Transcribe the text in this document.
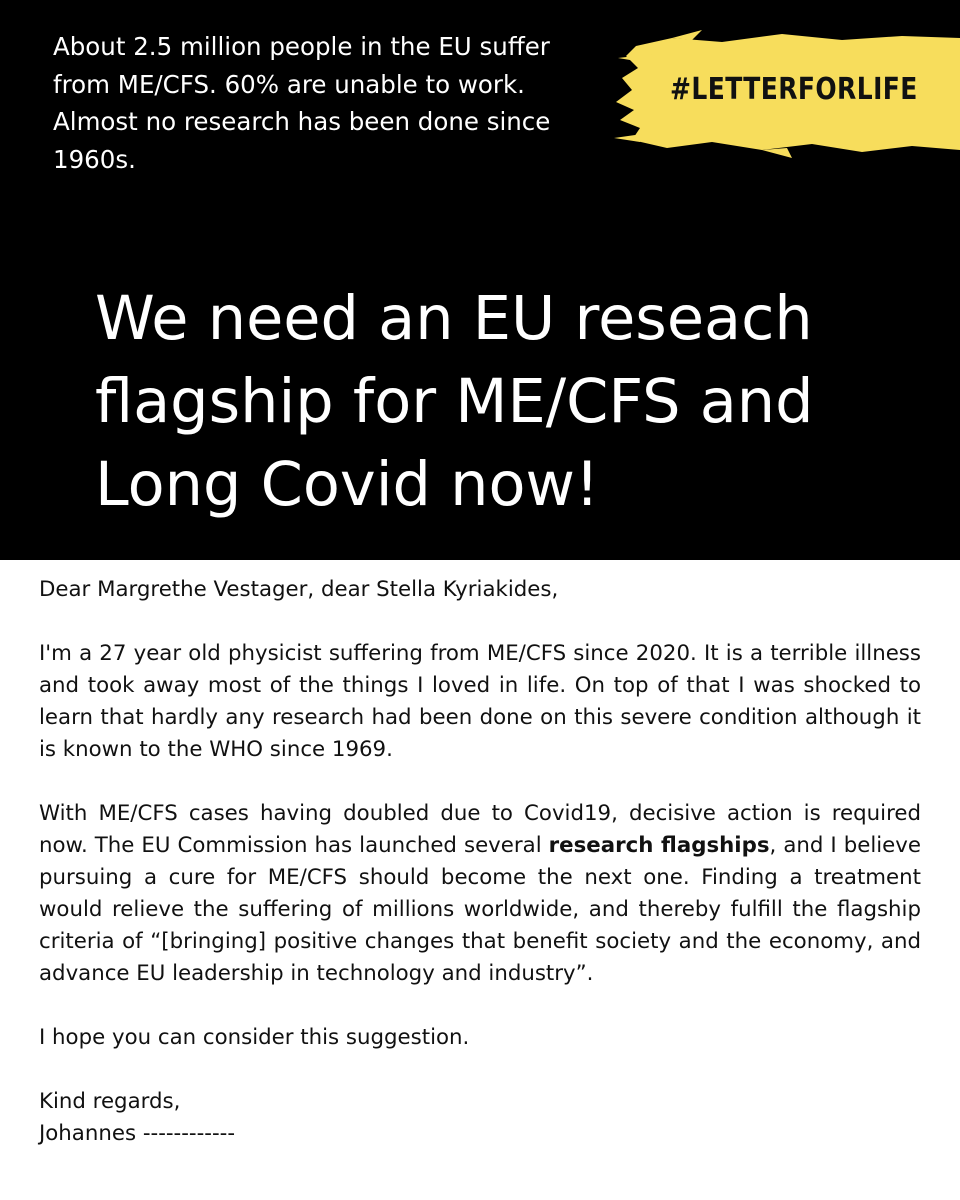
About 2.5 million people in the EU suffer from ME/CFS. 60% are unable to work. Almost no research has been done since 1960s.

#LETTERFORLIFE

We need an EU reseach flagship for ME/CFS and Long Covid now!

Dear Margrethe Vestager, dear Stella Kyriakides,

I'm a 27 year old physicist suffering from ME/CFS since 2020. It is a terrible illness and took away most of the things I loved in life. On top of that I was shocked to learn that hardly any research had been done on this severe condition although it is known to the WHO since 1969.

With ME/CFS cases having doubled due to Covid19, decisive action is required now. The EU Commission has launched several research flagships, and I believe pursuing a cure for ME/CFS should become the next one. Finding a treatment would relieve the suffering of millions worldwide, and thereby fulfill the flagship criteria of “[bringing] positive changes that benefit society and the economy, and advance EU leadership in technology and industry”.

I hope you can consider this suggestion.

Kind regards,

Johannes ------------
